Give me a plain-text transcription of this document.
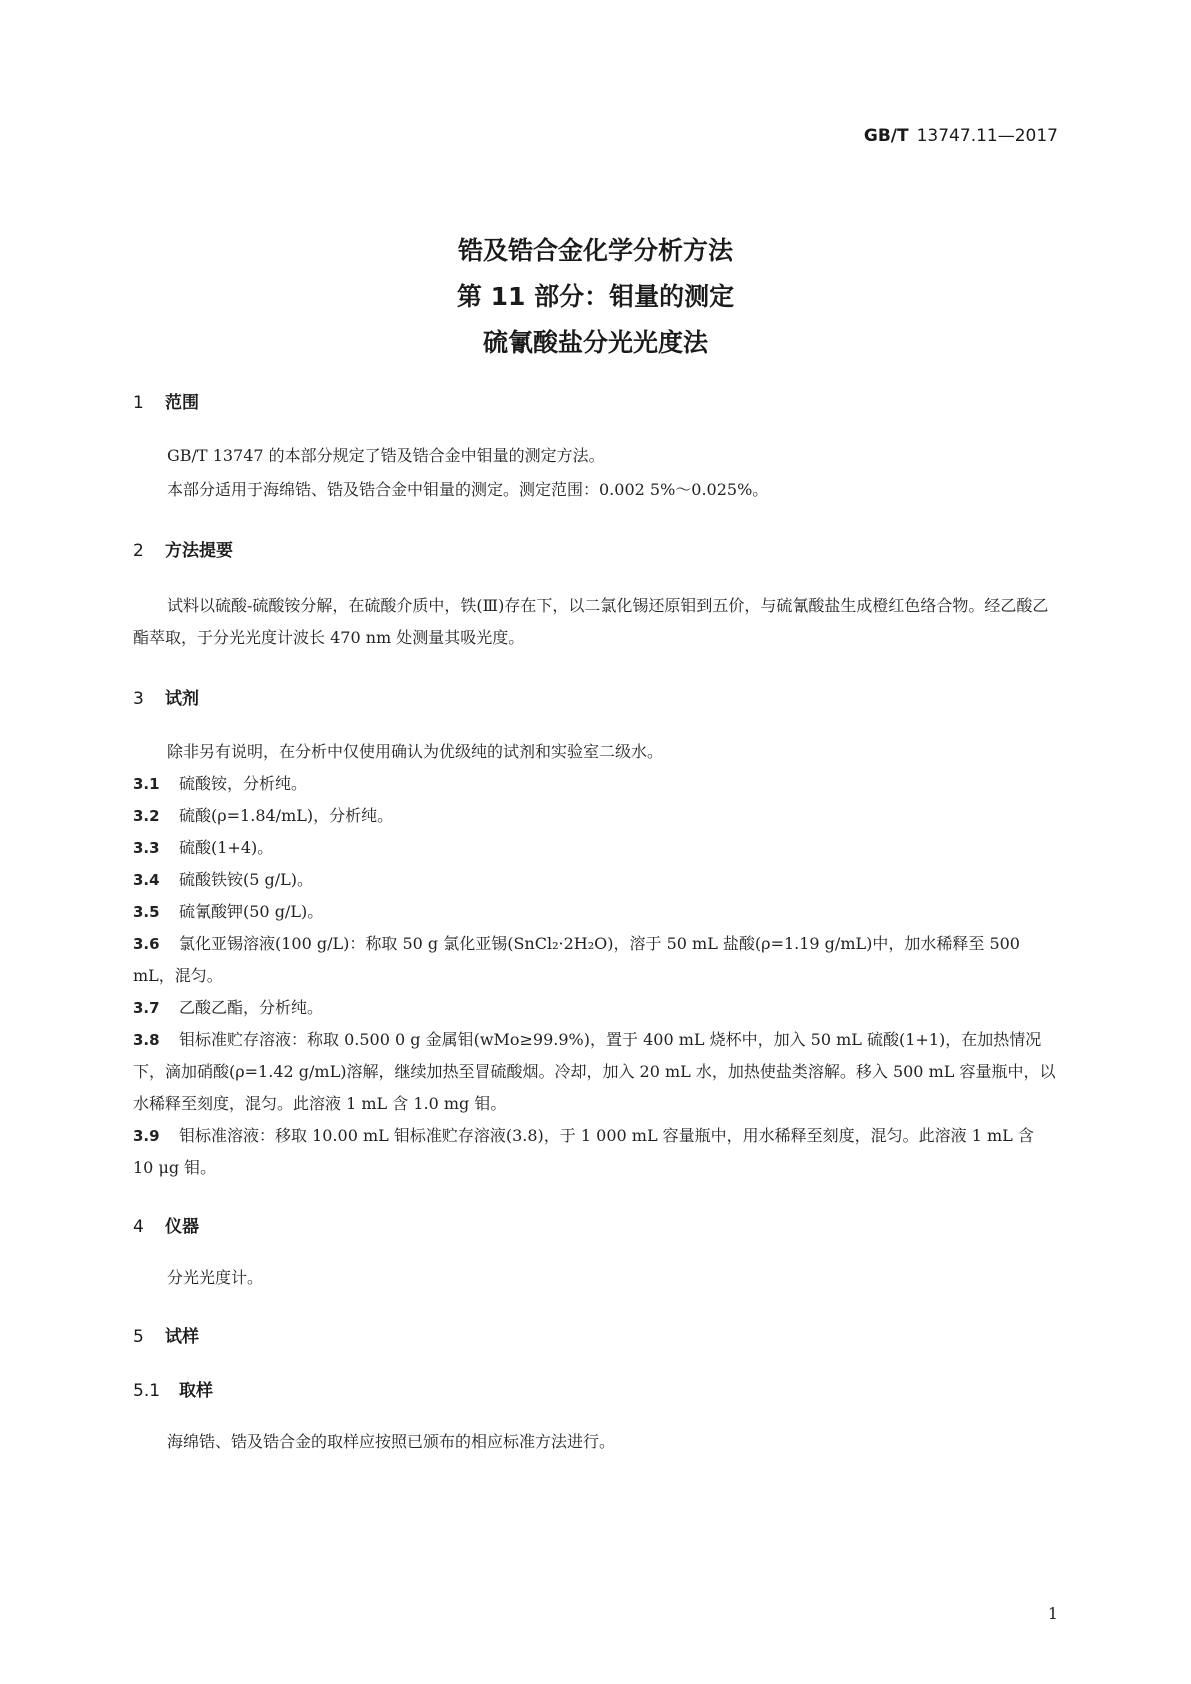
GB/T 13747.11—2017
锆及锆合金化学分析方法
第 11 部分：钼量的测定
硫氰酸盐分光光度法
1 范围
GB/T 13747 的本部分规定了锆及锆合金中钼量的测定方法。
本部分适用于海绵锆、锆及锆合金中钼量的测定。测定范围：0.002 5%～0.025%。
2 方法提要
试料以硫酸-硫酸铵分解，在硫酸介质中，铁(Ⅲ)存在下，以二氯化锡还原钼到五价，与硫氰酸盐生成橙红色络合物。经乙酸乙酯萃取，于分光光度计波长 470 nm 处测量其吸光度。
3 试剂
除非另有说明，在分析中仅使用确认为优级纯的试剂和实验室二级水。
3.1 硫酸铵，分析纯。
3.2 硫酸(ρ=1.84/mL)，分析纯。
3.3 硫酸(1+4)。
3.4 硫酸铁铵(5 g/L)。
3.5 硫氰酸钾(50 g/L)。
3.6 氯化亚锡溶液(100 g/L)：称取 50 g 氯化亚锡(SnCl₂·2H₂O)，溶于 50 mL 盐酸(ρ=1.19 g/mL)中，加水稀释至 500 mL，混匀。
3.7 乙酸乙酯，分析纯。
3.8 钼标准贮存溶液：称取 0.500 0 g 金属钼(wMo≥99.9%)，置于 400 mL 烧杯中，加入 50 mL 硫酸(1+1)，在加热情况下，滴加硝酸(ρ=1.42 g/mL)溶解，继续加热至冒硫酸烟。冷却，加入 20 mL 水，加热使盐类溶解。移入 500 mL 容量瓶中，以水稀释至刻度，混匀。此溶液 1 mL 含 1.0 mg 钼。
3.9 钼标准溶液：移取 10.00 mL 钼标准贮存溶液(3.8)，于 1 000 mL 容量瓶中，用水稀释至刻度，混匀。此溶液 1 mL 含 10 μg 钼。
4 仪器
分光光度计。
5 试样
5.1 取样
海绵锆、锆及锆合金的取样应按照已颁布的相应标准方法进行。
1
